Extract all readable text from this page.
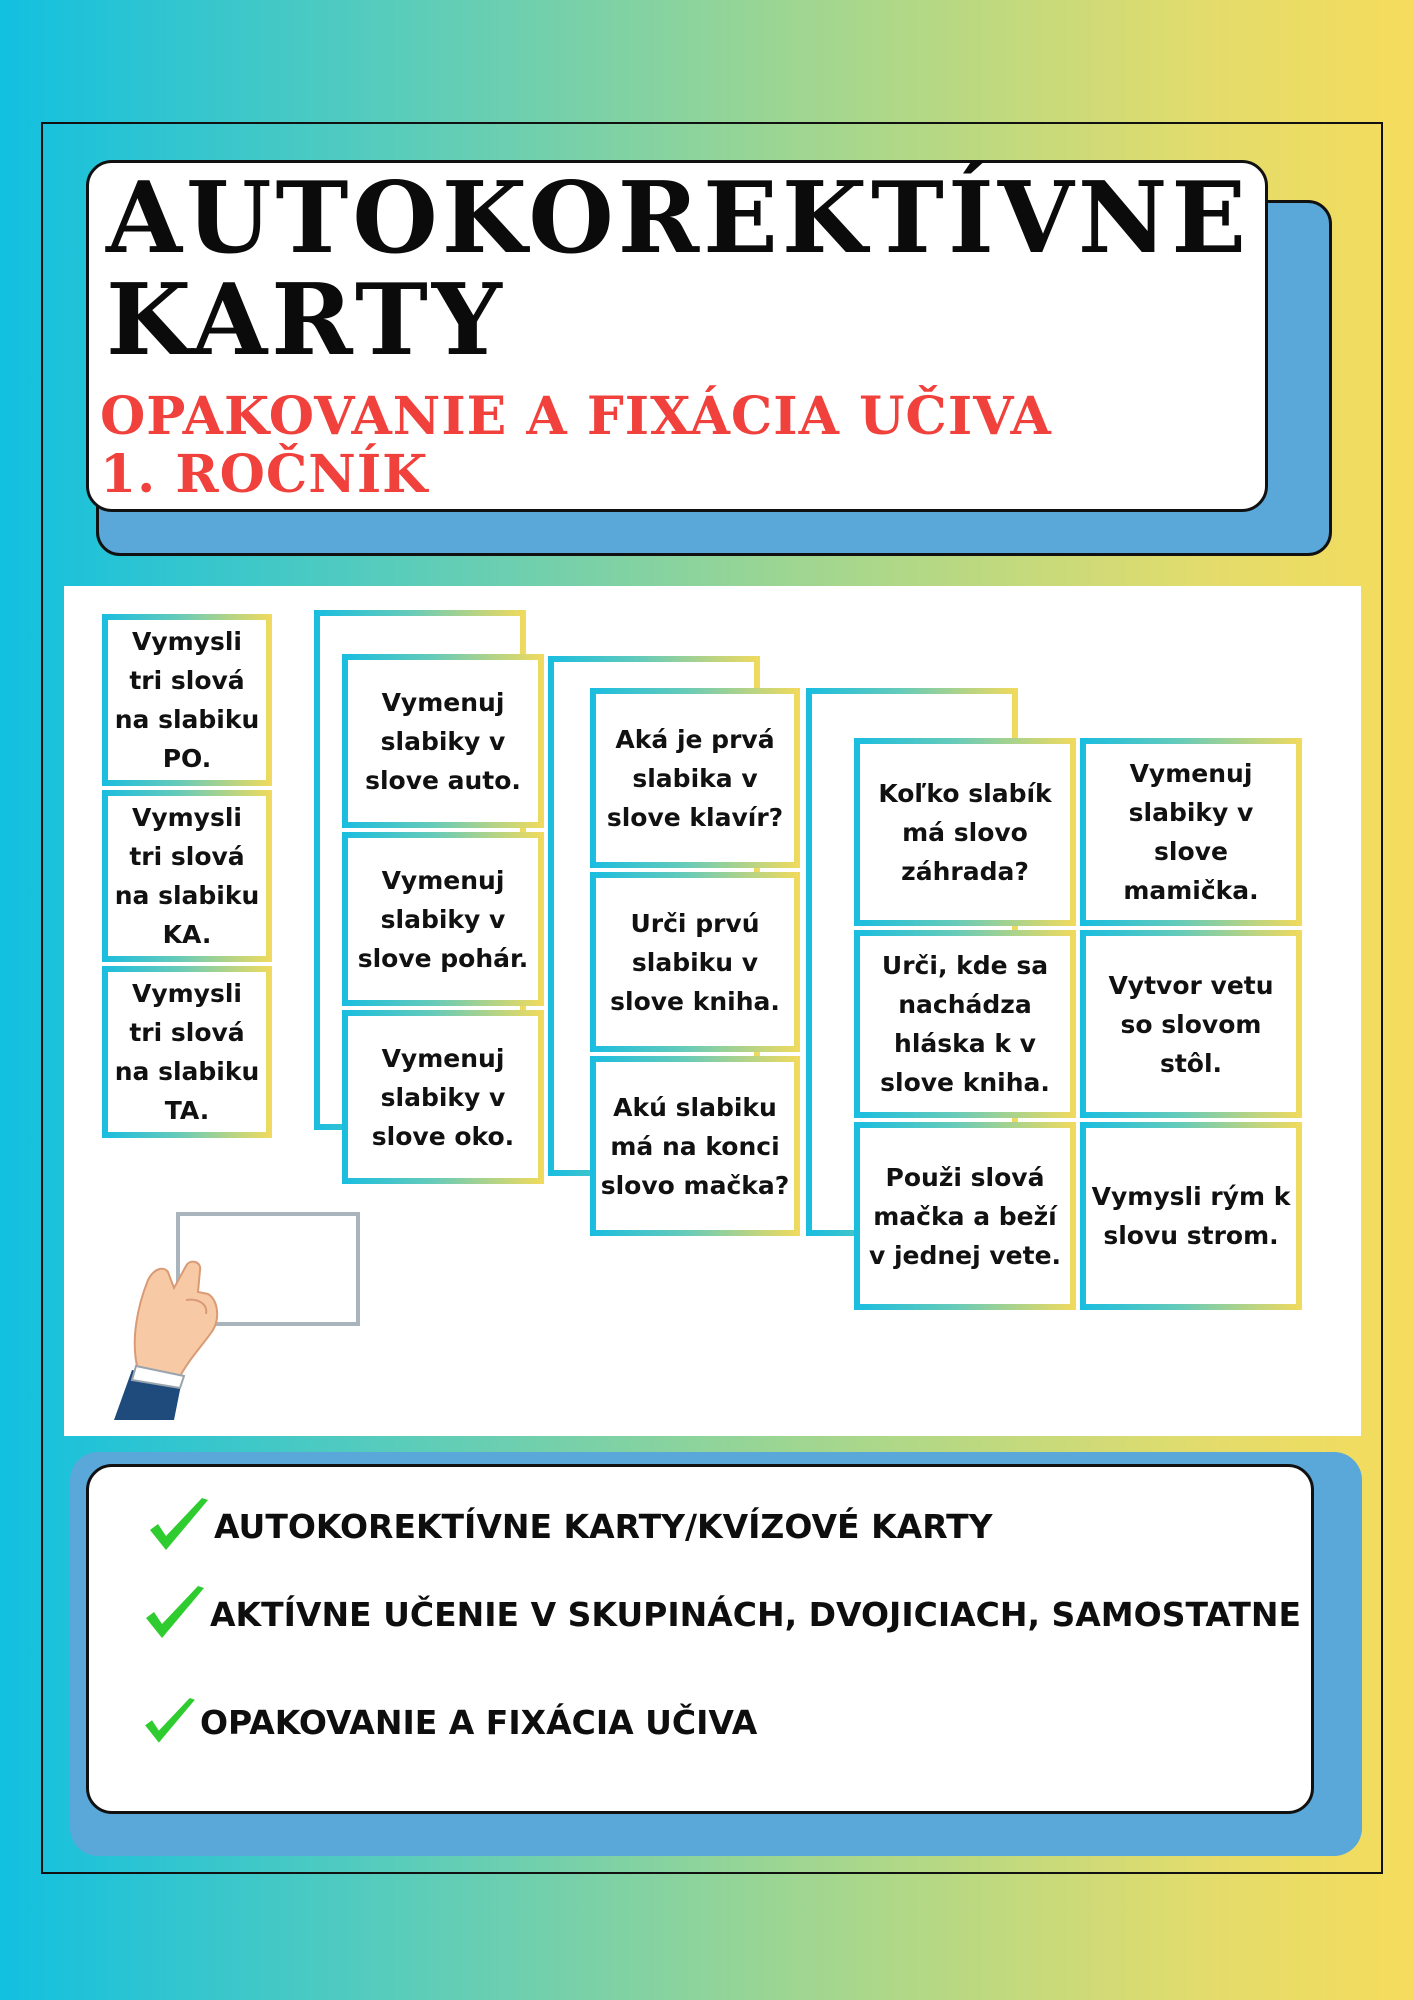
AUTOKOREKTÍVNE
KARTY
OPAKOVANIE A FIXÁCIA UČIVA
1. ROČNÍK
Vymysli tri slová na slabiku PO.
Vymysli tri slová na slabiku KA.
Vymysli tri slová na slabiku TA.
Vymenuj slabiky v slove auto.
Vymenuj slabiky v slove pohár.
Vymenuj slabiky v slove oko.
Aká je prvá slabika v slove klavír?
Urči prvú slabiku v slove kniha.
Akú slabiku má na konci slovo mačka?
Koľko slabík má slovo záhrada?
Urči, kde sa nachádza hláska k v slove kniha.
Použi slová mačka a beží v jednej vete.
Vymenuj slabiky v slove mamička.
Vytvor vetu so slovom stôl.
Vymysli rým k slovu strom.
AUTOKOREKTÍVNE KARTY/KVÍZOVÉ KARTY
AKTÍVNE UČENIE V SKUPINÁCH, DVOJICIACH, SAMOSTATNE
OPAKOVANIE A FIXÁCIA UČIVA
